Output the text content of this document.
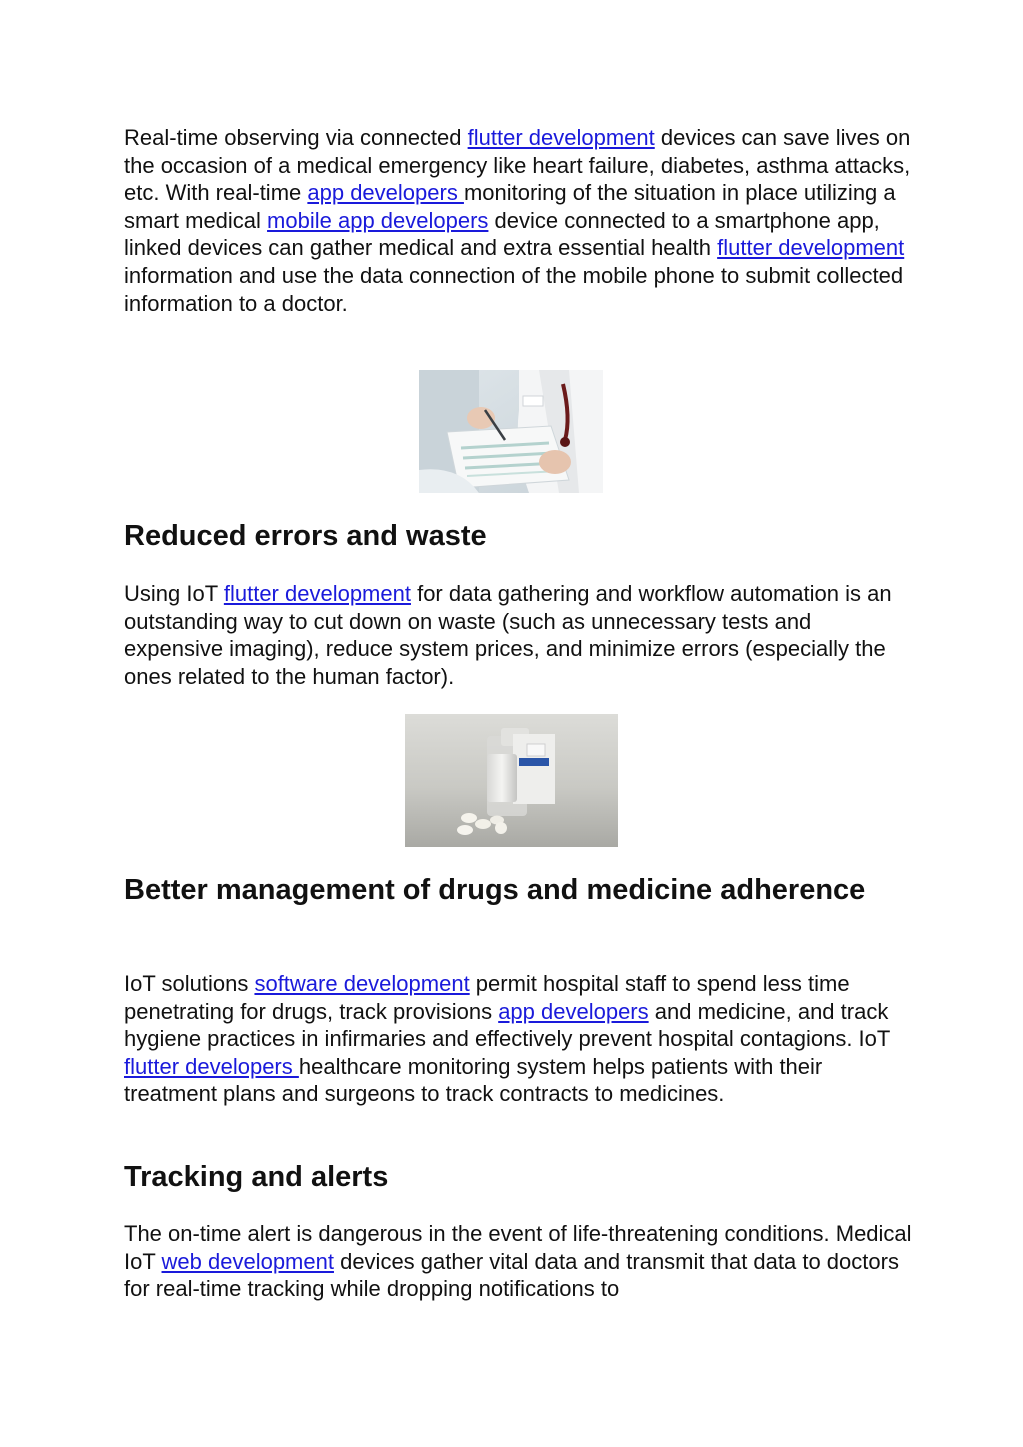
Real-time observing via connected flutter development devices can save lives on the occasion of a medical emergency like heart failure, diabetes, asthma attacks, etc. With real-time app developers monitoring of the situation in place utilizing a smart medical mobile app developers device connected to a smartphone app, linked devices can gather medical and extra essential health flutter development information and use the data connection of the mobile phone to submit collected information to a doctor.

Reduced errors and waste

Using IoT flutter development for data gathering and workflow automation is an outstanding way to cut down on waste (such as unnecessary tests and expensive imaging), reduce system prices, and minimize errors (especially the ones related to the human factor).

Better management of drugs and medicine adherence

IoT solutions software development permit hospital staff to spend less time penetrating for drugs, track provisions app developers and medicine, and track hygiene practices in infirmaries and effectively prevent hospital contagions. IoT flutter developers healthcare monitoring system helps patients with their treatment plans and surgeons to track contracts to medicines.

Tracking and alerts

The on-time alert is dangerous in the event of life-threatening conditions. Medical IoT web development devices gather vital data and transmit that data to doctors for real-time tracking while dropping notifications to
